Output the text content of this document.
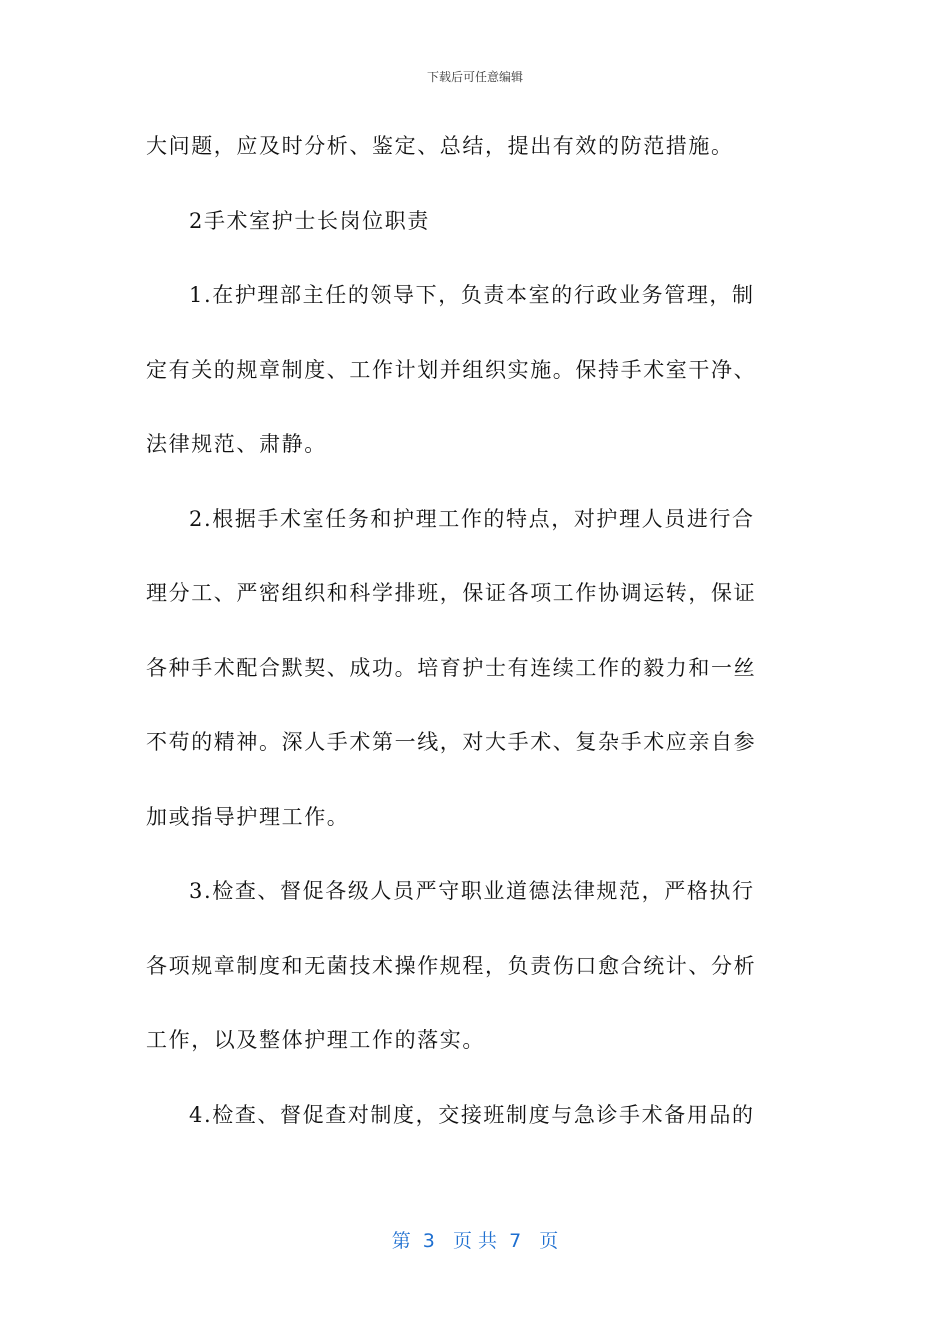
下载后可任意编辑
大问题，应及时分析、鉴定、总结，提出有效的防范措施。
2手术室护士长岗位职责
1.在护理部主任的领导下，负责本室的行政业务管理，制
定有关的规章制度、工作计划并组织实施。保持手术室干净、
法律规范、肃静。
2.根据手术室任务和护理工作的特点，对护理人员进行合
理分工、严密组织和科学排班，保证各项工作协调运转，保证
各种手术配合默契、成功。培育护士有连续工作的毅力和一丝
不苟的精神。深人手术第一线，对大手术、复杂手术应亲自参
加或指导护理工作。
3.检查、督促各级人员严守职业道德法律规范，严格执行
各项规章制度和无菌技术操作规程，负责伤口愈合统计、分析
工作，以及整体护理工作的落实。
4.检查、督促查对制度，交接班制度与急诊手术备用品的
第  3   页 共  7   页
